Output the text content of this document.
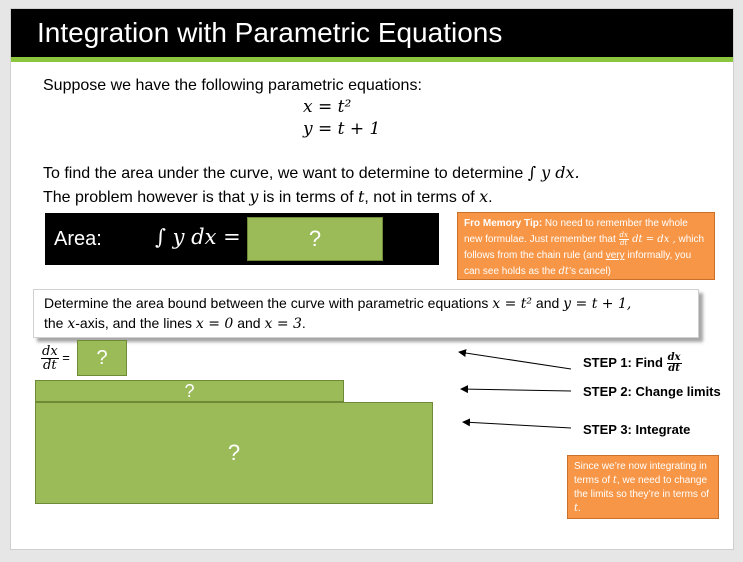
Integration with Parametric Equations
Suppose we have the following parametric equations:
x = t²
y = t + 1
To find the area under the curve, we want to determine to determine ∫ y dx.
The problem however is that y is in terms of t, not in terms of x.
Area:	∫ y dx =	?
Fro Memory Tip: No need to remember the whole new formulae. Just remember that $\frac{dx}{dt}$ dt = dx , which follows from the chain rule (and very informally, you can see holds as the dt’s cancel)
Determine the area bound between the curve with parametric equations x = t² and y = t + 1,
the x-axis, and the lines x = 0 and x = 3.
$\frac{dx}{dt}$ =	?
?
?
STEP 1: Find $\frac{dx}{dt}$
STEP 2: Change limits
STEP 3: Integrate
Since we’re now integrating in terms of t, we need to change the limits so they’re in terms of t.
